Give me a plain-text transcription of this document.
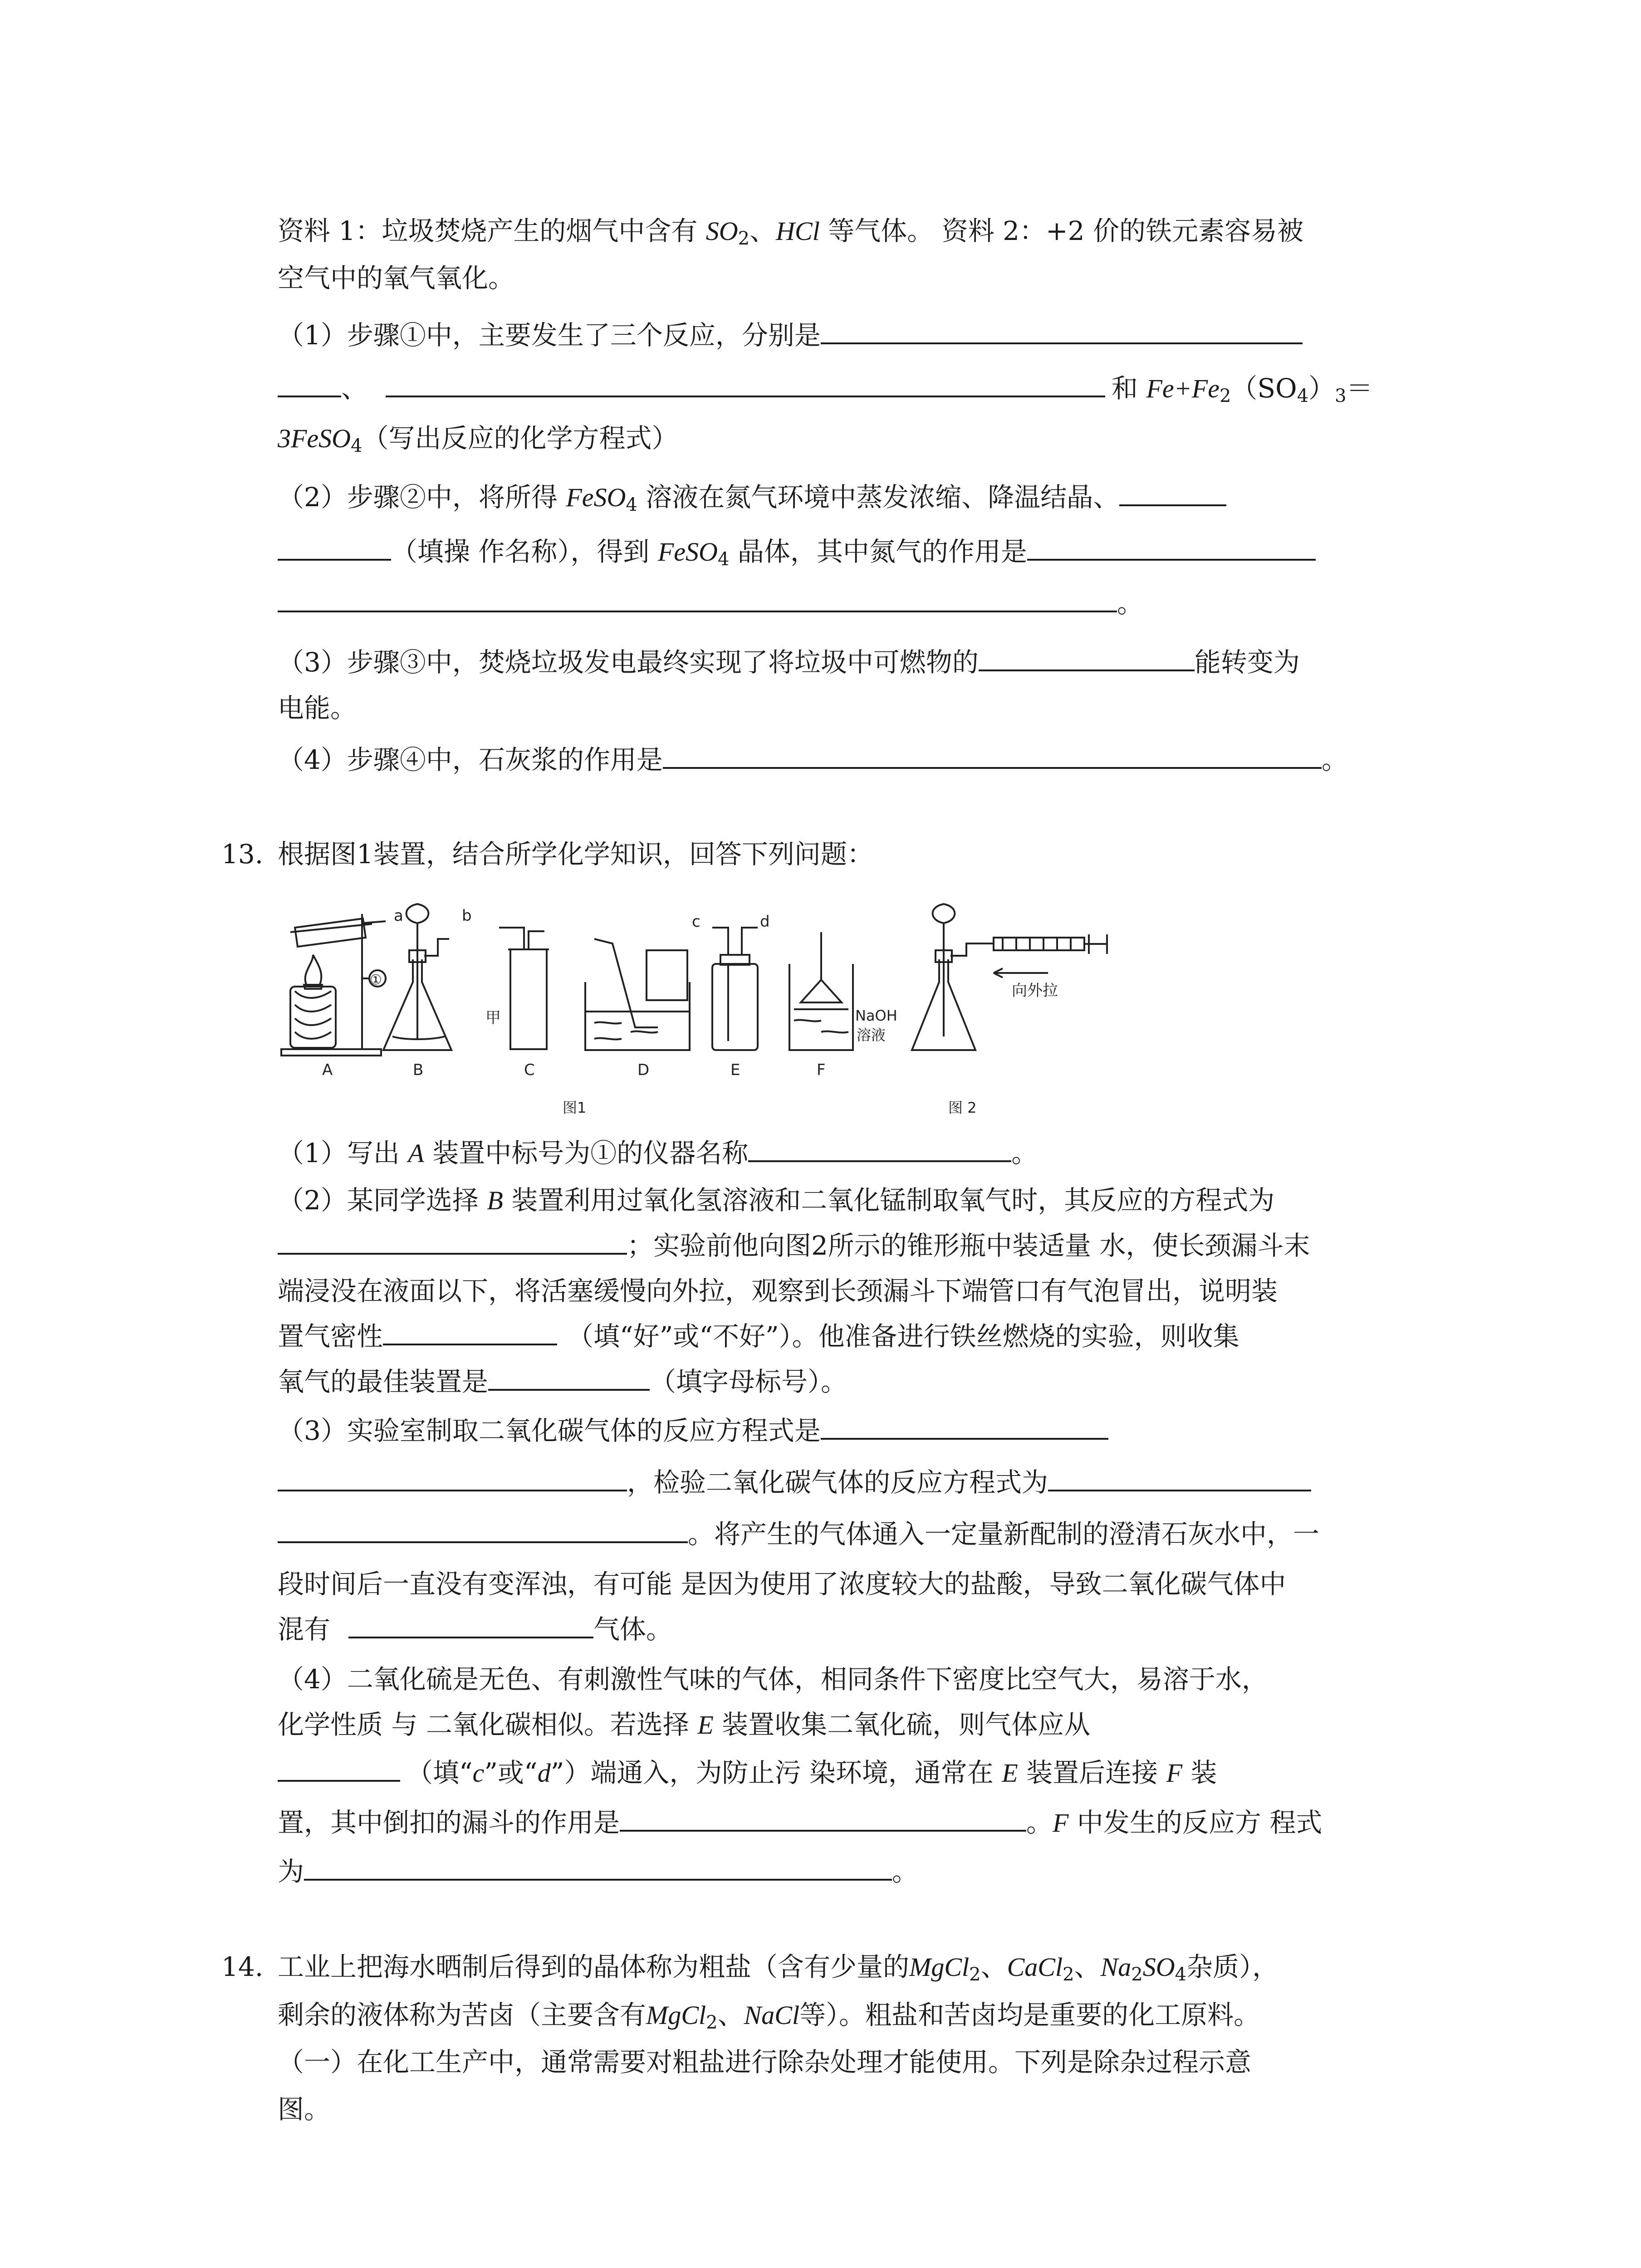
资料 1：垃圾焚烧产生的烟气中含有 $SO_2$、HCl 等气体。 资料 2：+2 价的铁元素容易被
空气中的氧气氧化。
（1）步骤①中，主要发生了三个反应，分别是
、	和 $Fe+Fe_2(SO_4)_3=$
3FeSO$_4$（写出反应的化学方程式）
（2）步骤②中，将所得 FeSO$_4$ 溶液在氮气环境中蒸发浓缩、降温结晶、
（填操 作名称），得到 FeSO$_4$ 晶体，其中氮气的作用是
。
（3）步骤③中，焚烧垃圾发电最终实现了将垃圾中可燃物的	能转变为
电能。
（4）步骤④中，石灰浆的作用是	。
13. 根据图1装置，结合所学化学知识，回答下列问题：
A	B	C	D	E	F
甲
①
a	b	c	d
NaOH
溶液
向外拉
图1	图 2
（1）写出 A 装置中标号为①的仪器名称	。
（2）某同学选择 B 装置利用过氧化氢溶液和二氧化锰制取氧气时，其反应的方程式为
；实验前他向图2所示的锥形瓶中装适量 水，使长颈漏斗末
端浸没在液面以下，将活塞缓慢向外拉，观察到长颈漏斗下端管口有气泡冒出，说明装
置气密性	（填“好”或“不好”）。他准备进行铁丝燃烧的实验，则收集
氧气的最佳装置是	（填字母标号）。
（3）实验室制取二氧化碳气体的反应方程式是
，检验二氧化碳气体的反应方程式为
。将产生的气体通入一定量新配制的澄清石灰水中，一
段时间后一直没有变浑浊，有可能 是因为使用了浓度较大的盐酸，导致二氧化碳气体中
混有	气体。
（4）二氧化硫是无色、有刺激性气味的气体，相同条件下密度比空气大，易溶于水，
化学性质 与 二氧化碳相似。若选择 E 装置收集二氧化硫，则气体应从
（填“c”或“d”）端通入，为防止污 染环境，通常在 E 装置后连接 F 装
置，其中倒扣的漏斗的作用是	。F 中发生的反应方 程式
为	。
14. 工业上把海水晒制后得到的晶体称为粗盐（含有少量的MgCl$_2$、CaCl$_2$、$Na_2SO_4$杂质），
剩余的液体称为苦卤（主要含有MgCl$_2$、NaCl等）。粗盐和苦卤均是重要的化工原料。
（一）在化工生产中，通常需要对粗盐进行除杂处理才能使用。下列是除杂过程示意
图。
